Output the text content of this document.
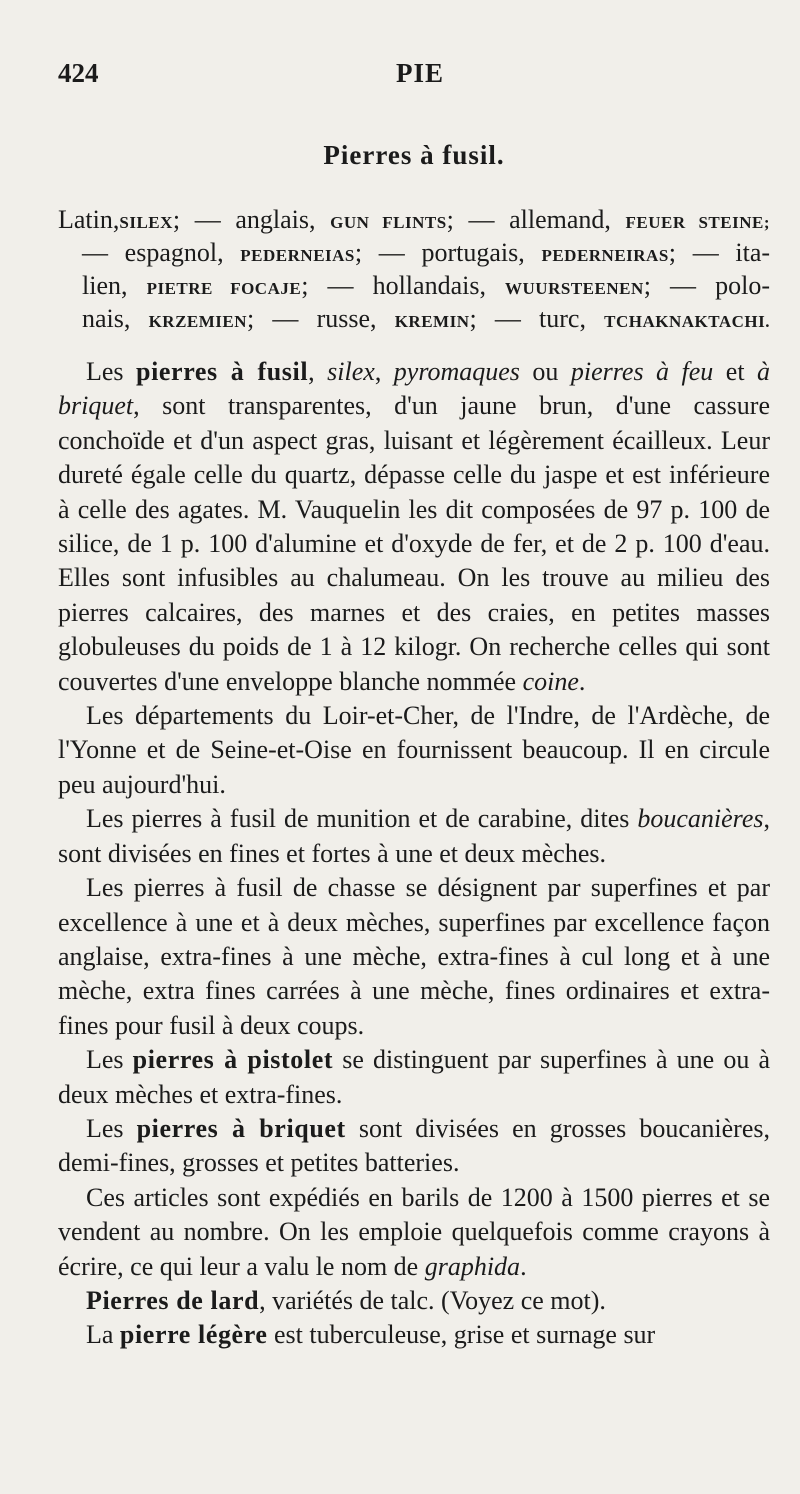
424	PIE
Pierres à fusil.
Latin,SILEX; — anglais, GUN FLINTS; — allemand, FEUER STEINE;
— espagnol, PEDERNEIAS; — portugais, PEDERNEIRAS; — ita-
lien, PIETRE FOCAJE; — hollandais, WUURSTEENEN; — polo-
nais, KRZEMIEN; — russe, KREMIN; — turc, TCHAKNAKTACHI.

Les pierres à fusil, silex, pyromaques ou pierres à feu et à briquet, sont transparentes, d'un jaune brun, d'une cassure conchoïde et d'un aspect gras, luisant et légèrement écailleux. Leur dureté égale celle du quartz, dépasse celle du jaspe et est inférieure à celle des agates. M. Vauquelin les dit composées de 97 p. 100 de silice, de 1 p. 100 d'alumine et d'oxyde de fer, et de 2 p. 100 d'eau. Elles sont infusibles au chalumeau. On les trouve au milieu des pierres calcaires, des marnes et des craies, en petites masses globuleuses du poids de 1 à 12 kilogr. On recherche celles qui sont couvertes d'une enveloppe blanche nommée coine.

Les départements du Loir-et-Cher, de l'Indre, de l'Ardèche, de l'Yonne et de Seine-et-Oise en fournissent beaucoup. Il en circule peu aujourd'hui.

Les pierres à fusil de munition et de carabine, dites boucanières, sont divisées en fines et fortes à une et deux mèches.

Les pierres à fusil de chasse se désignent par superfines et par excellence à une et à deux mèches, superfines par excellence façon anglaise, extra-fines à une mèche, extra-fines à cul long et à une mèche, extra fines carrées à une mèche, fines ordinaires et extra-fines pour fusil à deux coups.

Les pierres à pistolet se distinguent par superfines à une ou à deux mèches et extra-fines.

Les pierres à briquet sont divisées en grosses boucanières, demi-fines, grosses et petites batteries.

Ces articles sont expédiés en barils de 1200 à 1500 pierres et se vendent au nombre. On les emploie quelquefois comme crayons à écrire, ce qui leur a valu le nom de graphida.

Pierres de lard, variétés de talc. (Voyez ce mot).

La pierre légère est tuberculeuse, grise et surnage sur
